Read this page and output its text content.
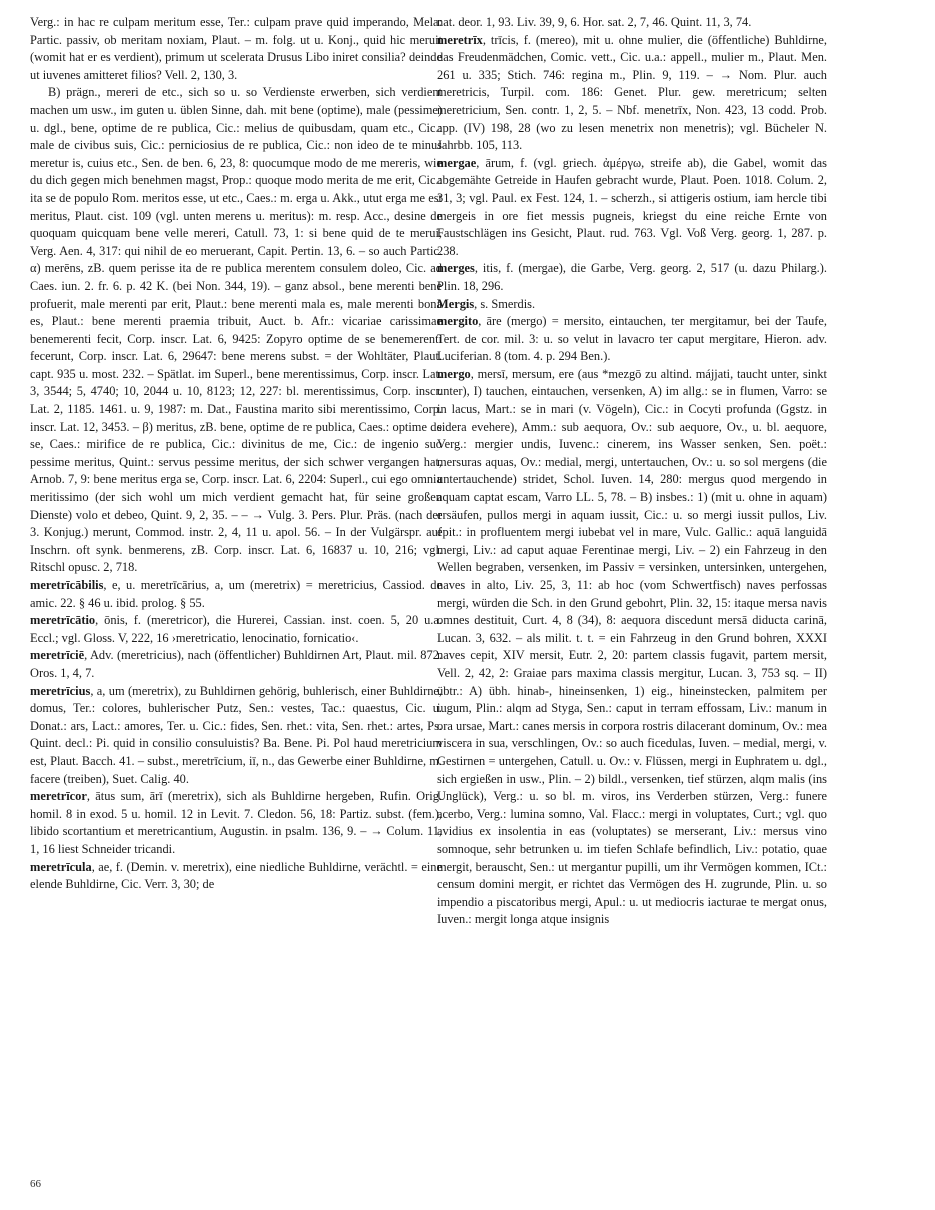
Verg.: in hac re culpam meritum esse, Ter.: culpam prave quid imperando, Mela: Partic. passiv, ob meritam noxiam, Plaut. – m. folg. ut u. Konj., quid hic meruit (womit hat er es verdient), primum ut scelerata Drusus Libo iniret consilia? deinde ut iuvenes amitteret filios? Vell. 2, 130, 3.

B) prägn., mereri de etc., sich so u. so Verdienste erwerben, sich verdient machen um usw., im guten u. üblen Sinne, dah. mit bene (optime), male (pessime) u. dgl., bene, optime de re publica, Cic.: melius de quibusdam, quam etc., Cic.: male de civibus suis, Cic.: perniciosius de re publica, Cic.: non ideo de te minus meretur is, cuius etc., Sen. de ben. 6, 23, 8: quocumque modo de me mereris, wie du dich gegen mich benehmen magst, Prop.: quoque modo merita de me erit, Cic.: ita se de populo Rom. meritos esse, ut etc., Caes.: m. erga u. Akk., utut erga me est meritus, Plaut. cist. 109 (vgl. unten merens u. meritus): m. resp. Acc., desine de quoquam quicquam bene velle mereri, Catull. 73, 1: si bene quid de te merui, Verg. Aen. 4, 317: qui nihil de eo meruerant, Capit. Pertin. 13, 6. – so auch Partic. α) merēns, zB. quem perisse ita de re publica merentem consulem doleo, Cic. ad Caes. iun. 2. fr. 6. p. 42 K. (bei Non. 344, 19). – ganz absol., bene merenti bene profuerit, male merenti par erit, Plaut.: bene merenti mala es, male merenti bona es, Plaut.: bene merenti praemia tribuit, Auct. b. Afr.: vicariae carissimae benemerenti fecit, Corp. inscr. Lat. 6, 9425: Zopyro optime de se benemerenti fecerunt, Corp. inscr. Lat. 6, 29647: bene merens subst. = der Wohltäter, Plaut. capt. 935 u. most. 232. – Spätlat. im Superl., bene merentissimus, Corp. inscr. Lat. 3, 3544; 5, 4740; 10, 2044 u. 10, 8123; 12, 227: bl. merentissimus, Corp. inscr. Lat. 2, 1185. 1461. u. 9, 1987: m. Dat., Faustina marito sibi merentissimo, Corp. inscr. Lat. 12, 3453. – β) meritus, zB. bene, optime de re publica, Caes.: optime de se, Caes.: mirifice de re publica, Cic.: divinitus de me, Cic.: de ingenio suo pessime meritus, Quint.: servus pessime meritus, der sich schwer vergangen hat, Arnob. 7, 9: bene meritus erga se, Corp. inscr. Lat. 6, 2204: Superl., cui ego omnia meritissimo (der sich wohl um mich verdient gemacht hat, für seine großen Dienste) volo et debeo, Quint. 9, 2, 35. – – → Vulg. 3. Pers. Plur. Präs. (nach der 3. Konjug.) merunt, Commod. instr. 2, 4, 11 u. apol. 56. – In der Vulgärspr. auf Inschrn. oft synk. benmerens, zB. Corp. inscr. Lat. 6, 16837 u. 10, 216; vgl. Ritschl opusc. 2, 718.

meretrīcābilis, e, u. meretrīcārius, a, um (meretrix) = meretricius, Cassiod. de amic. 22. § 46 u. ibid. prolog. § 55.

meretrīcātio, ōnis, f. (meretricor), die Hurerei, Cassian. inst. coen. 5, 20 u.a. Eccl.; vgl. Gloss. V, 222, 16 ›meretricatio, lenocinatio, fornicatio‹.

meretrīciē, Adv. (meretricius), nach (öffentlicher) Buhldirnen Art, Plaut. mil. 872. Oros. 1, 4, 7.

meretrīcius, a, um (meretrix), zu Buhldirnen gehörig, buhlerisch, einer Buhldirne, domus, Ter.: colores, buhlerischer Putz, Sen.: vestes, Tac.: quaestus, Cic. u. Donat.: ars, Lact.: amores, Ter. u. Cic.: fides, Sen. rhet.: vita, Sen. rhet.: artes, Ps. Quint. decl.: Pi. quid in consilio consuluistis? Ba. Bene. Pi. Pol haud meretricium est, Plaut. Bacch. 41. – subst., meretrīcium, iī, n., das Gewerbe einer Buhldirne, m. facere (treiben), Suet. Calig. 40.

meretrīcor, ātus sum, ārī (meretrix), sich als Buhldirne hergeben, Rufin. Orig. homil. 8 in exod. 5 u. homil. 12 in Levit. 7. Cledon. 56, 18: Partiz. subst. (fem.), libido scortantium et meretricantium, Augustin. in psalm. 136, 9. – → Colum. 11, 1, 16 liest Schneider tricandi.

meretrīcula, ae, f. (Demin. v. meretrix), eine niedliche Buhldirne, verächtl. = eine elende Buhldirne, Cic. Verr. 3, 30; de

nat. deor. 1, 93. Liv. 39, 9, 6. Hor. sat. 2, 7, 46. Quint. 11, 3, 74.

meretrīx, trīcis, f. (mereo), mit u. ohne mulier, die (öffentliche) Buhldirne, das Freudenmädchen, Comic. vett., Cic. u.a.: appell., mulier m., Plaut. Men. 261 u. 335; Stich. 746: regina m., Plin. 9, 119. – → Nom. Plur. auch meretricis, Turpil. com. 186: Genet. Plur. gew. meretricum; selten meretricium, Sen. contr. 1, 2, 5. – Nbf. menetrīx, Non. 423, 13 codd. Prob. app. (IV) 198, 28 (wo zu lesen menetrix non menetris); vgl. Bücheler N. Jahrbb. 105, 113.

mergae, ārum, f. (vgl. griech. ἀμέργω, streife ab), die Gabel, womit das abgemähte Getreide in Haufen gebracht wurde, Plaut. Poen. 1018. Colum. 2, 31, 3; vgl. Paul. ex Fest. 124, 1. – scherzh., si attigeris ostium, iam hercle tibi mergeis in ore fiet messis pugneis, kriegst du eine reiche Ernte von Faustschlägen ins Gesicht, Plaut. rud. 763. Vgl. Voß Verg. georg. 1, 287. p. 238.

merges, itis, f. (mergae), die Garbe, Verg. georg. 2, 517 (u. dazu Philarg.). Plin. 18, 296.

Mergis, s. Smerdis.

mergito, āre (mergo) = mersito, eintauchen, ter mergitamur, bei der Taufe, Tert. de cor. mil. 3: u. so velut in lavacro ter caput mergitare, Hieron. adv. Luciferian. 8 (tom. 4. p. 294 Ben.).

mergo, mersī, mersum, ere (aus *mezgō zu altind. májjati, taucht unter, sinkt unter), I) tauchen, eintauchen, versenken, A) im allg.: se in flumen, Varro: se in lacus, Mart.: se in mari (v. Vögeln), Cic.: in Cocyti profunda (Ggstz. in sidera evehere), Amm.: sub aequora, Ov.: sub aequore, Ov., u. bl. aequore, Verg.: mergier undis, Iuvenc.: cinerem, ins Wasser senken, Sen. poët.: mersuras aquas, Ov.: medial, mergi, untertauchen, Ov.: u. so sol mergens (die untertauchende) stridet, Schol. Iuven. 14, 280: mergus quod mergendo in aquam captat escam, Varro LL. 5, 78. – B) insbes.: 1) (mit u. ohne in aquam) ersäufen, pullos mergi in aquam iussit, Cic.: u. so mergi iussit pullos, Liv. epit.: in profluentem mergi iubebat vel in mare, Vulc. Gallic.: aquā languidā mergi, Liv.: ad caput aquae Ferentinae mergi, Liv. – 2) ein Fahrzeug in den Wellen begraben, versenken, im Passiv = versinken, untersinken, untergehen, naves in alto, Liv. 25, 3, 11: ab hoc (vom Schwertfisch) naves perfossas mergi, würden die Sch. in den Grund gebohrt, Plin. 32, 15: itaque mersa navis omnes destituit, Curt. 4, 8 (34), 8: aequora discedunt mersā diducta carinā, Lucan. 3, 632. – als milit. t. t. = ein Fahrzeug in den Grund bohren, XXXI naves cepit, XIV mersit, Eutr. 2, 20: partem classis fugavit, partem mersit, Vell. 2, 42, 2: Graiae pars maxima classis mergitur, Lucan. 3, 753 sq. – II) übtr.: A) übh. hinab-, hineinsenken, 1) eig., hineinstecken, palmitem per iugum, Plin.: alqm ad Styga, Sen.: caput in terram effossam, Liv.: manum in ora ursae, Mart.: canes mersis in corpora rostris dilacerant dominum, Ov.: mea viscera in sua, verschlingen, Ov.: so auch ficedulas, Iuven. – medial, mergi, v. Gestirnen = untergehen, Catull. u. Ov.: v. Flüssen, mergi in Euphratem u. dgl., sich ergießen in usw., Plin. – 2) bildl., versenken, tief stürzen, alqm malis (ins Unglück), Verg.: u. so bl. m. viros, ins Verderben stürzen, Verg.: funere acerbo, Verg.: lumina somno, Val. Flacc.: mergi in voluptates, Curt.; vgl. quo avidius ex insolentia in eas (voluptates) se merserant, Liv.: mersus vino somnoque, sehr betrunken u. im tiefen Schlafe befindlich, Liv.: potatio, quae mergit, berauscht, Sen.: ut mergantur pupilli, um ihr Vermögen kommen, ICt.: censum domini mergit, er richtet das Vermögen des H. zugrunde, Plin. u. so impendio a piscatoribus mergi, Apul.: u. ut mediocris iacturae te mergat onus, Iuven.: mergit longa atque insignis

66
